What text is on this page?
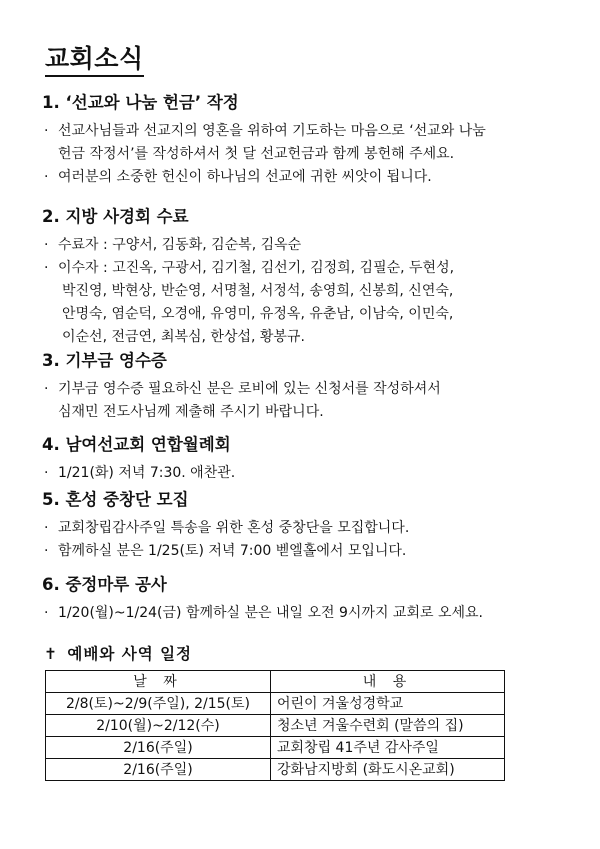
교회소식
1. ‘선교와 나눔 헌금’ 작정
· 선교사님들과 선교지의 영혼을 위하여 기도하는 마음으로 ‘선교와 나눔
헌금 작정서’를 작성하셔서 첫 달 선교헌금과 함께 봉헌해 주세요.
· 여러분의 소중한 헌신이 하나님의 선교에 귀한 씨앗이 됩니다.
2. 지방 사경회 수료
· 수료자 : 구양서, 김동화, 김순복, 김옥순
· 이수자 : 고진옥, 구광서, 김기철, 김선기, 김정희, 김필순, 두현성,
박진영, 박현상, 반순영, 서명철, 서정석, 송영희, 신봉희, 신연숙,
안명숙, 염순덕, 오경애, 유영미, 유정옥, 유춘남, 이남숙, 이민숙,
이순선, 전금연, 최복심, 한상섭, 황봉규.
3. 기부금 영수증
· 기부금 영수증 필요하신 분은 로비에 있는 신청서를 작성하셔서
심재민 전도사님께 제출해 주시기 바랍니다.
4. 남여선교회 연합월례회
· 1/21(화) 저녁 7:30. 애찬관.
5. 혼성 중창단 모집
· 교회창립감사주일 특송을 위한 혼성 중창단을 모집합니다.
· 함께하실 분은 1/25(토) 저녁 7:00 벧엘홀에서 모입니다.
6. 중정마루 공사
· 1/20(월)~1/24(금) 함께하실 분은 내일 오전 9시까지 교회로 오세요.
✝ 예배와 사역 일정
날 짜	내 용
2/8(토)~2/9(주일), 2/15(토)	어린이 겨울성경학교
2/10(월)~2/12(수)	청소년 겨울수련회 (말씀의 집)
2/16(주일)	교회창립 41주년 감사주일
2/16(주일)	강화남지방회 (화도시온교회)
